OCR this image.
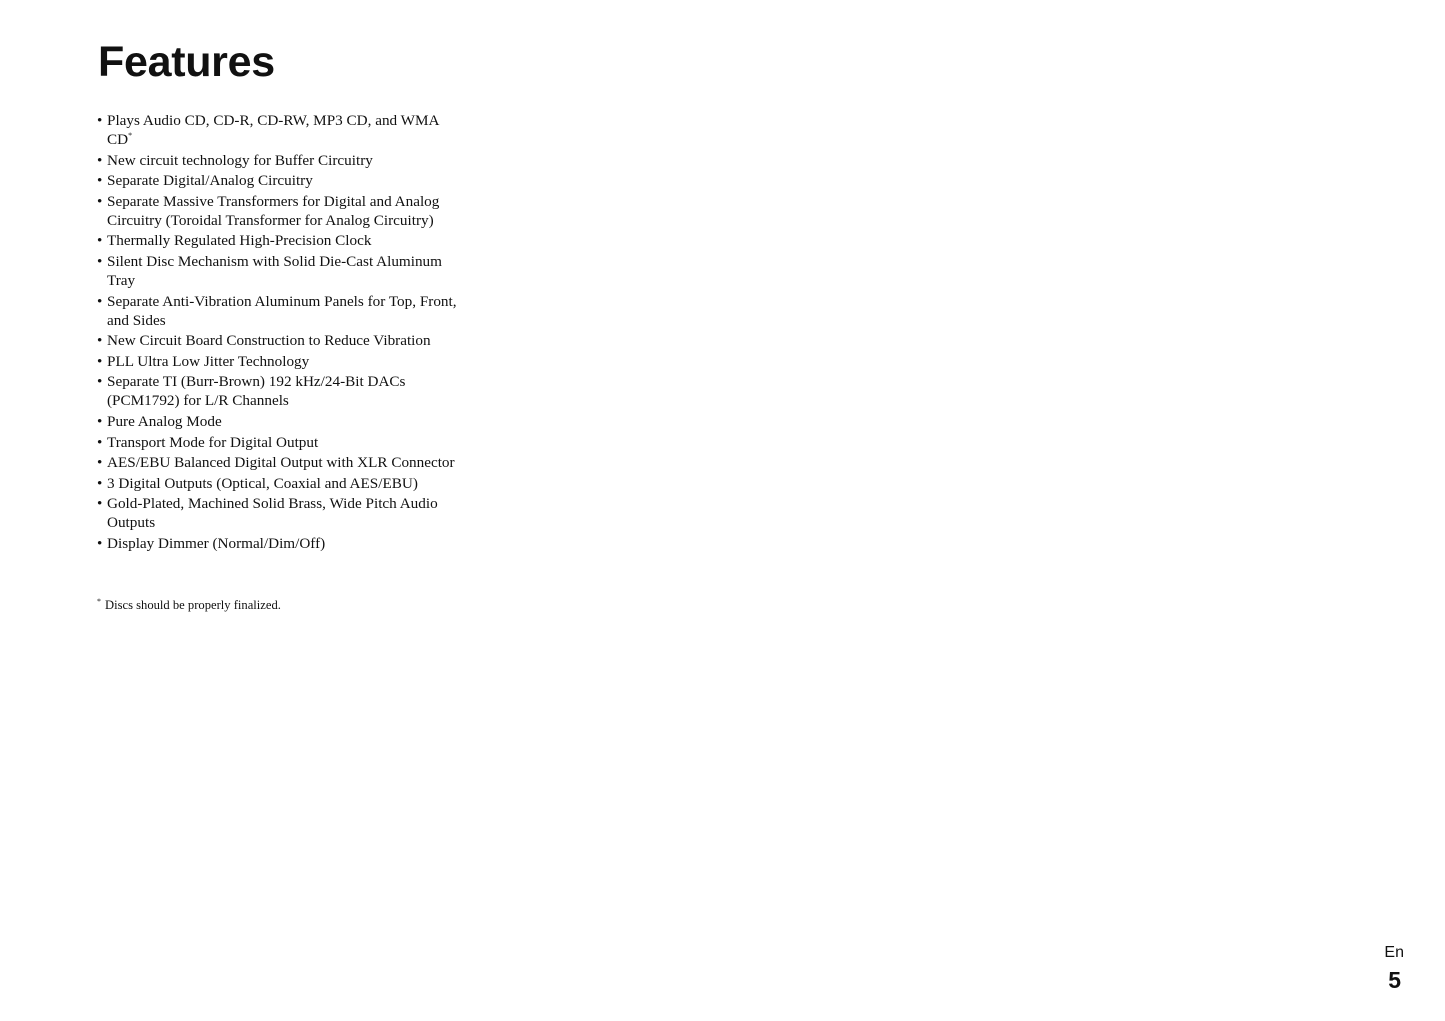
Features
• Plays Audio CD, CD-R, CD-RW, MP3 CD, and WMA CD*
• New circuit technology for Buffer Circuitry
• Separate Digital/Analog Circuitry
• Separate Massive Transformers for Digital and Analog Circuitry (Toroidal Transformer for Analog Circuitry)
• Thermally Regulated High-Precision Clock
• Silent Disc Mechanism with Solid Die-Cast Aluminum Tray
• Separate Anti-Vibration Aluminum Panels for Top, Front, and Sides
• New Circuit Board Construction to Reduce Vibration
• PLL Ultra Low Jitter Technology
• Separate TI (Burr-Brown) 192 kHz/24-Bit DACs (PCM1792) for L/R Channels
• Pure Analog Mode
• Transport Mode for Digital Output
• AES/EBU Balanced Digital Output with XLR Connector
• 3 Digital Outputs (Optical, Coaxial and AES/EBU)
• Gold-Plated, Machined Solid Brass, Wide Pitch Audio Outputs
• Display Dimmer (Normal/Dim/Off)

* Discs should be properly finalized.

En
5
